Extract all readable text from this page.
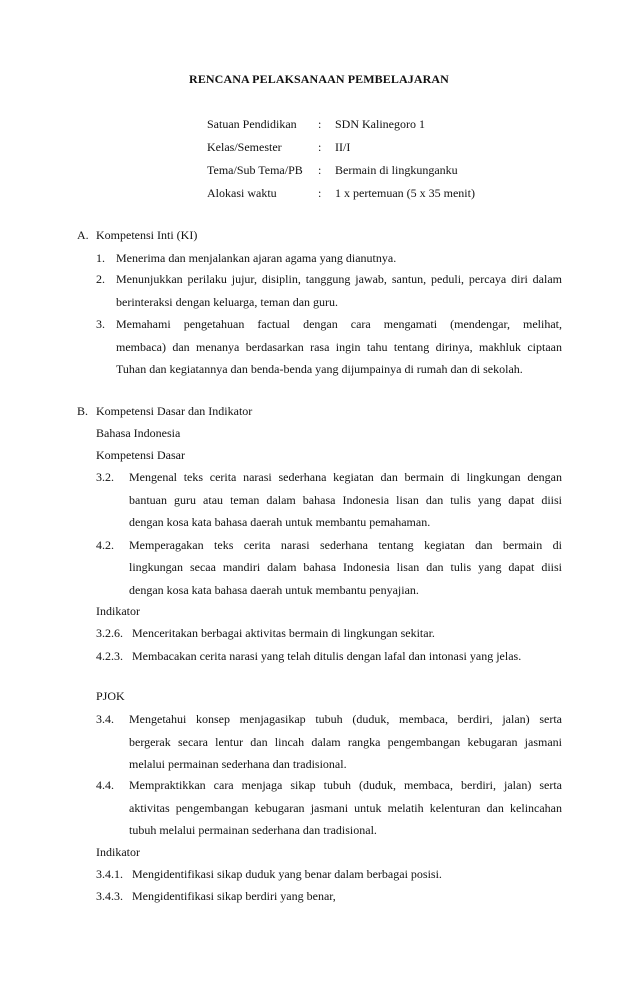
RENCANA PELAKSANAAN PEMBELAJARAN
Satuan Pendidikan : SDN Kalinegoro 1
Kelas/Semester	: II/I
Tema/Sub Tema/PB : Bermain di lingkunganku
Alokasi waktu	: 1 x pertemuan (5 x 35 menit)
A. Kompetensi Inti (KI)
1. Menerima dan menjalankan ajaran agama yang dianutnya.
2. Menunjukkan perilaku jujur, disiplin, tanggung jawab, santun, peduli, percaya diri dalam
berinteraksi dengan keluarga, teman dan guru.
3. Memahami pengetahuan factual dengan cara mengamati (mendengar, melihat,
membaca) dan menanya berdasarkan rasa ingin tahu tentang dirinya, makhluk ciptaan
Tuhan dan kegiatannya dan benda-benda yang dijumpainya di rumah dan di sekolah.
B. Kompetensi Dasar dan Indikator
Bahasa Indonesia
Kompetensi Dasar
3.2. Mengenal teks cerita narasi sederhana kegiatan dan bermain di lingkungan dengan
bantuan guru atau teman dalam bahasa Indonesia lisan dan tulis yang dapat diisi
dengan kosa kata bahasa daerah untuk membantu pemahaman.
4.2. Memperagakan teks cerita narasi sederhana tentang kegiatan dan bermain di
lingkungan secaa mandiri dalam bahasa Indonesia lisan dan tulis yang dapat diisi
dengan kosa kata bahasa daerah untuk membantu penyajian.
Indikator
3.2.6. Menceritakan berbagai aktivitas bermain di lingkungan sekitar.
4.2.3. Membacakan cerita narasi yang telah ditulis dengan lafal dan intonasi yang jelas.
PJOK
3.4. Mengetahui konsep menjagasikap tubuh (duduk, membaca, berdiri, jalan) serta
bergerak secara lentur dan lincah dalam rangka pengembangan kebugaran jasmani
melalui permainan sederhana dan tradisional.
4.4. Mempraktikkan cara menjaga sikap tubuh (duduk, membaca, berdiri, jalan) serta
aktivitas pengembangan kebugaran jasmani untuk melatih kelenturan dan kelincahan
tubuh melalui permainan sederhana dan tradisional.
Indikator
3.4.1. Mengidentifikasi sikap duduk yang benar dalam berbagai posisi.
3.4.3. Mengidentifikasi sikap berdiri yang benar,
